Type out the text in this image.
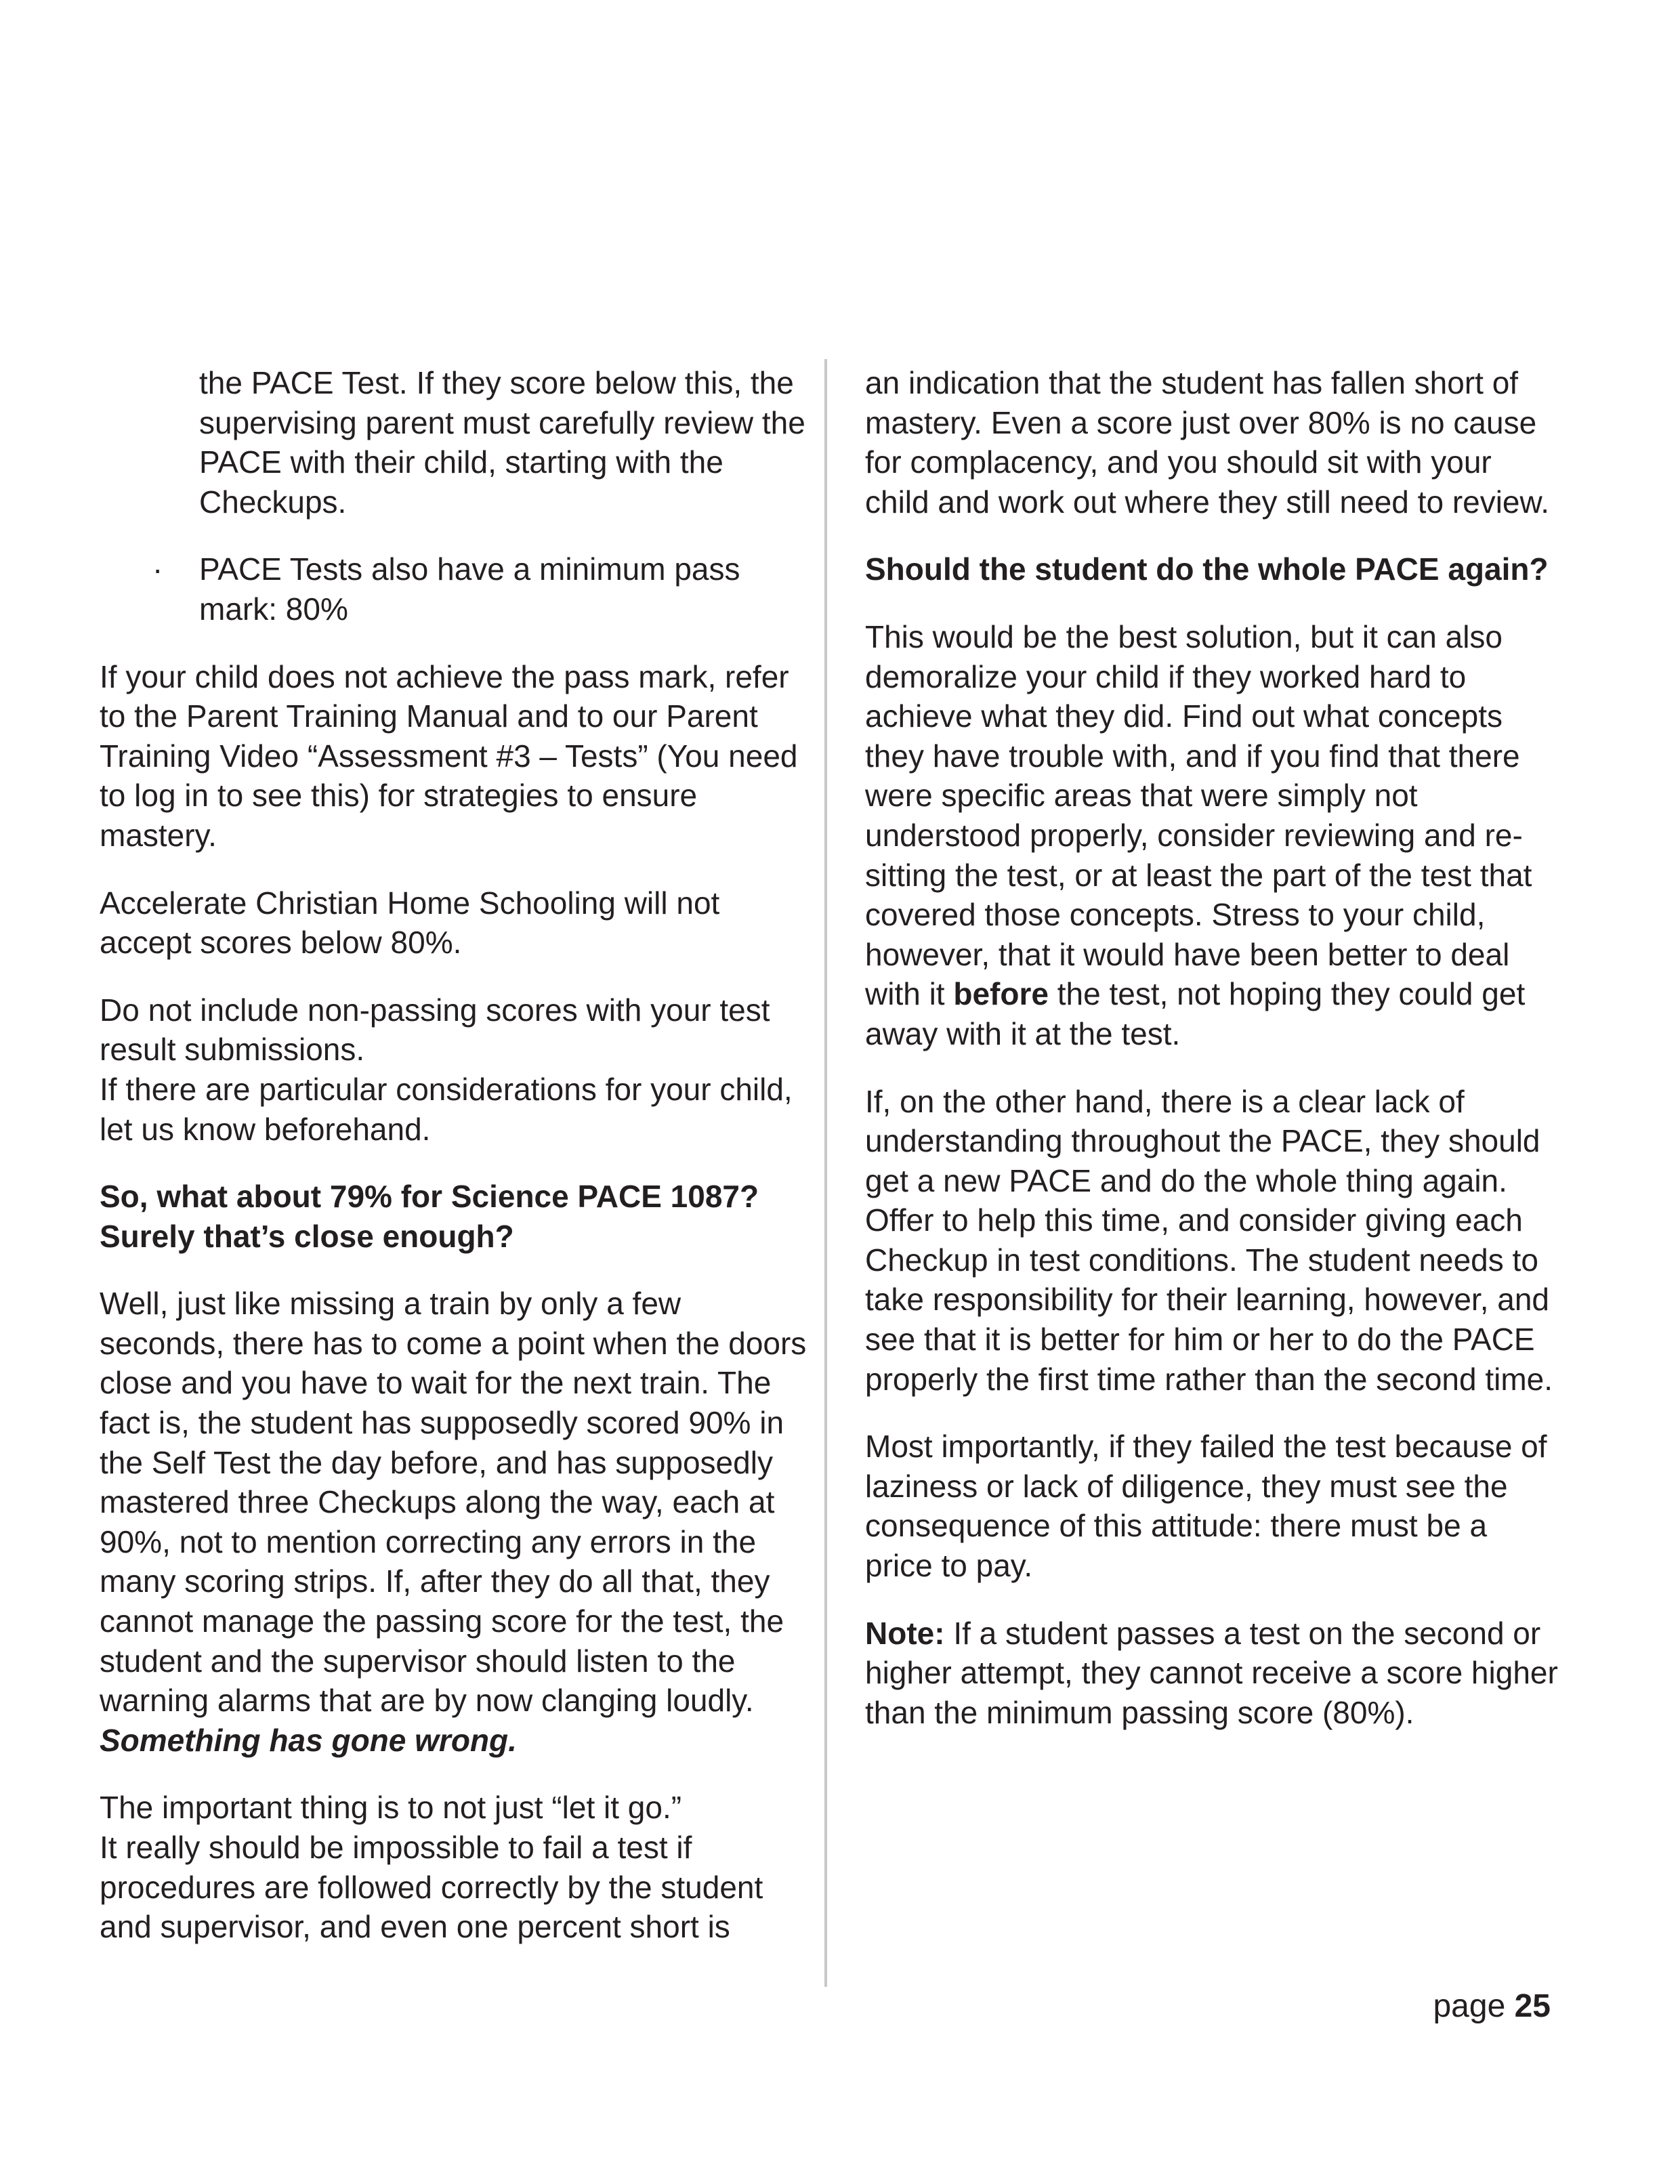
the PACE Test. If they score below this, the supervising parent must carefully review the PACE with their child, starting with the Checkups.

· PACE Tests also have a minimum pass mark: 80%

If your child does not achieve the pass mark, refer to the Parent Training Manual and to our Parent Training Video “Assessment #3 – Tests” (You need to log in to see this) for strategies to ensure mastery.

Accelerate Christian Home Schooling will not accept scores below 80%.

Do not include non-passing scores with your test result submissions.
If there are particular considerations for your child, let us know beforehand.

So, what about 79% for Science PACE 1087? Surely that’s close enough?

Well, just like missing a train by only a few seconds, there has to come a point when the doors close and you have to wait for the next train. The fact is, the student has supposedly scored 90% in the Self Test the day before, and has supposedly mastered three Checkups along the way, each at 90%, not to mention correcting any errors in the many scoring strips. If, after they do all that, they cannot manage the passing score for the test, the student and the supervisor should listen to the warning alarms that are by now clanging loudly.
Something has gone wrong.

The important thing is to not just “let it go.”
It really should be impossible to fail a test if procedures are followed correctly by the student and supervisor, and even one percent short is

an indication that the student has fallen short of mastery. Even a score just over 80% is no cause for complacency, and you should sit with your child and work out where they still need to review.

Should the student do the whole PACE again?

This would be the best solution, but it can also demoralize your child if they worked hard to achieve what they did. Find out what concepts they have trouble with, and if you find that there were specific areas that were simply not understood properly, consider reviewing and re-sitting the test, or at least the part of the test that covered those concepts. Stress to your child, however, that it would have been better to deal with it before the test, not hoping they could get away with it at the test.

If, on the other hand, there is a clear lack of understanding throughout the PACE, they should get a new PACE and do the whole thing again. Offer to help this time, and consider giving each Checkup in test conditions. The student needs to take responsibility for their learning, however, and see that it is better for him or her to do the PACE properly the first time rather than the second time.

Most importantly, if they failed the test because of laziness or lack of diligence, they must see the consequence of this attitude: there must be a price to pay.

Note: If a student passes a test on the second or higher attempt, they cannot receive a score higher than the minimum passing score (80%).

page 25
